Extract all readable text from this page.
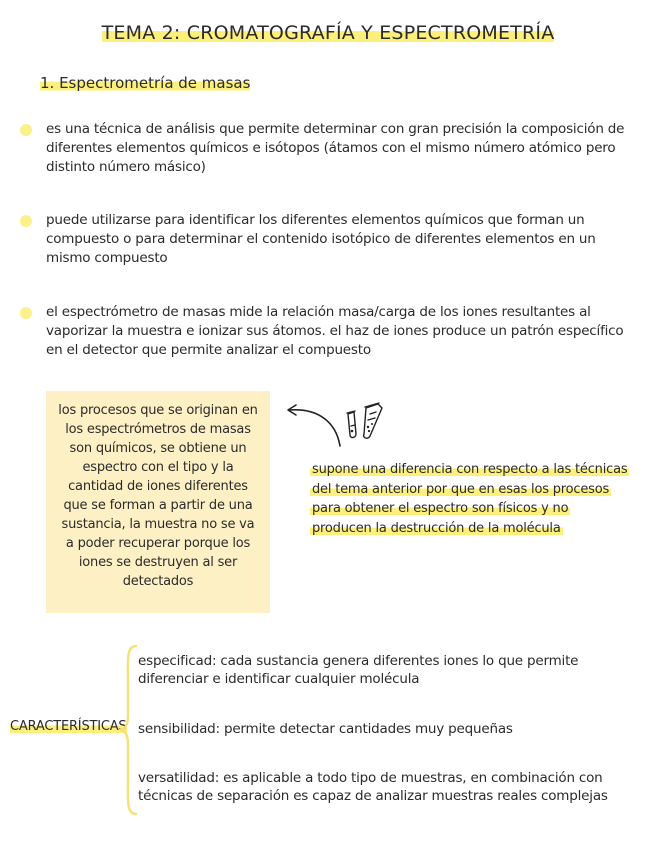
TEMA 2: CROMATOGRAFÍA Y ESPECTROMETRÍA
1. Espectrometría de masas
es una técnica de análisis que permite determinar con gran precisión la composición de diferentes elementos químicos e isótopos (átamos con el mismo número atómico pero distinto número másico)
puede utilizarse para identificar los diferentes elementos químicos que forman un compuesto o para determinar el contenido isotópico de diferentes elementos en un mismo compuesto
el espectrómetro de masas mide la relación masa/carga de los iones resultantes al vaporizar la muestra e ionizar sus átomos. el haz de iones produce un patrón específico en el detector que permite analizar el compuesto
los procesos que se originan en los espectrómetros de masas son químicos, se obtiene un espectro con el tipo y la cantidad de iones diferentes que se forman a partir de una sustancia, la muestra no se va a poder recuperar porque los iones se destruyen al ser detectados
supone una diferencia con respecto a las técnicas
del tema anterior por que en esas los procesos
para obtener el espectro son físicos y no
producen la destrucción de la molécula
CARACTERÍSTICAS
especificad: cada sustancia genera diferentes iones lo que permite diferenciar e identificar cualquier molécula
sensibilidad: permite detectar cantidades muy pequeñas
versatilidad: es aplicable a todo tipo de muestras, en combinación con técnicas de separación es capaz de analizar muestras reales complejas
